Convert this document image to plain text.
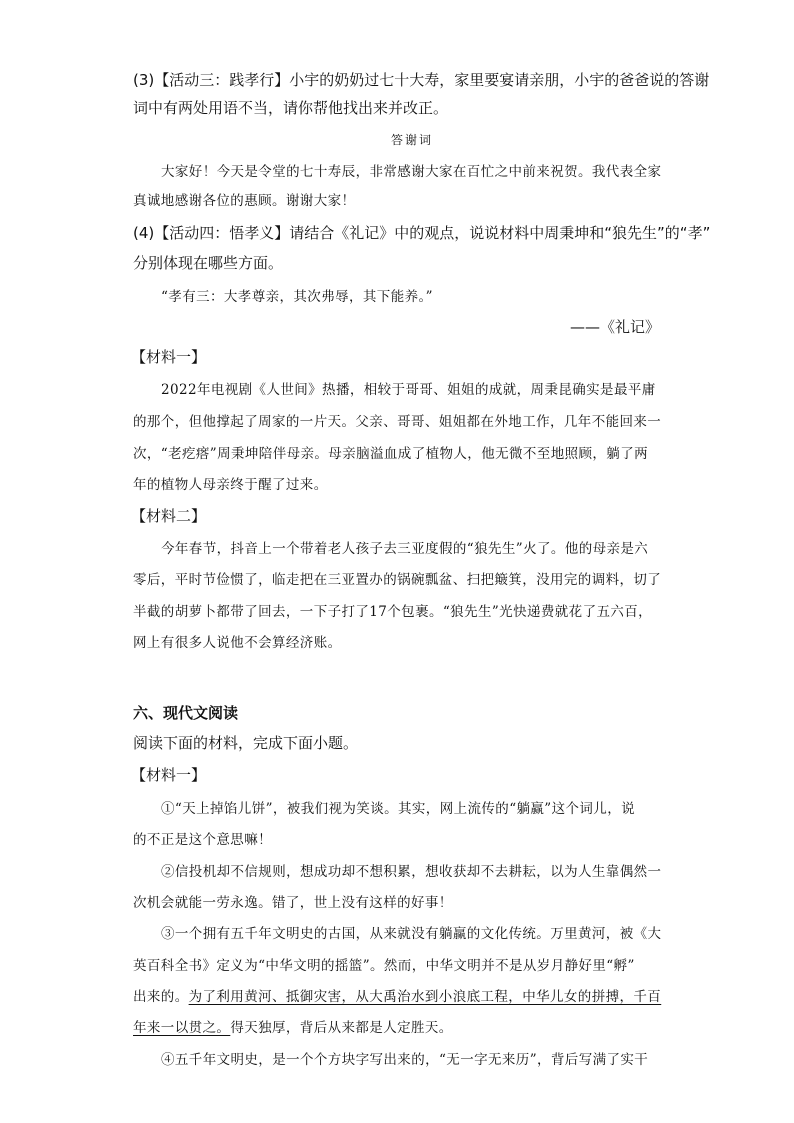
(3)【活动三：践孝行】小宇的奶奶过七十大寿，家里要宴请亲朋，小宇的爸爸说的答谢
词中有两处用语不当，请你帮他找出来并改正。
答谢词
大家好！今天是令堂的七十寿辰，非常感谢大家在百忙之中前来祝贺。我代表全家
真诚地感谢各位的惠顾。谢谢大家！
(4)【活动四：悟孝义】请结合《礼记》中的观点，说说材料中周秉坤和“狼先生”的“孝”
分别体现在哪些方面。
“孝有三：大孝尊亲，其次弗辱，其下能养。”
——《礼记》
【材料一】
2022年电视剧《人世间》热播，相较于哥哥、姐姐的成就，周秉昆确实是最平庸
的那个，但他撑起了周家的一片天。父亲、哥哥、姐姐都在外地工作，几年不能回来一
次，“老疙瘩”周秉坤陪伴母亲。母亲脑溢血成了植物人，他无微不至地照顾，躺了两
年的植物人母亲终于醒了过来。
【材料二】
今年春节，抖音上一个带着老人孩子去三亚度假的“狼先生”火了。他的母亲是六
零后，平时节俭惯了，临走把在三亚置办的锅碗瓢盆、扫把簸箕，没用完的调料，切了
半截的胡萝卜都带了回去，一下子打了17个包裹。“狼先生”光快递费就花了五六百，
网上有很多人说他不会算经济账。
六、现代文阅读
阅读下面的材料，完成下面小题。
【材料一】
①“天上掉馅儿饼”，被我们视为笑谈。其实，网上流传的“躺赢”这个词儿，说
的不正是这个意思嘛！
②信投机却不信规则，想成功却不想积累，想收获却不去耕耘，以为人生靠偶然一
次机会就能一劳永逸。错了，世上没有这样的好事！
③一个拥有五千年文明史的古国，从来就没有躺赢的文化传统。万里黄河，被《大
英百科全书》定义为“中华文明的摇篮”。然而，中华文明并不是从岁月静好里“孵”
出来的。为了利用黄河、抵御灾害，从大禹治水到小浪底工程，中华儿女的拼搏，千百
年来一以贯之。得天独厚，背后从来都是人定胜天。
④五千年文明史，是一个个方块字写出来的，“无一字无来历”，背后写满了实干
